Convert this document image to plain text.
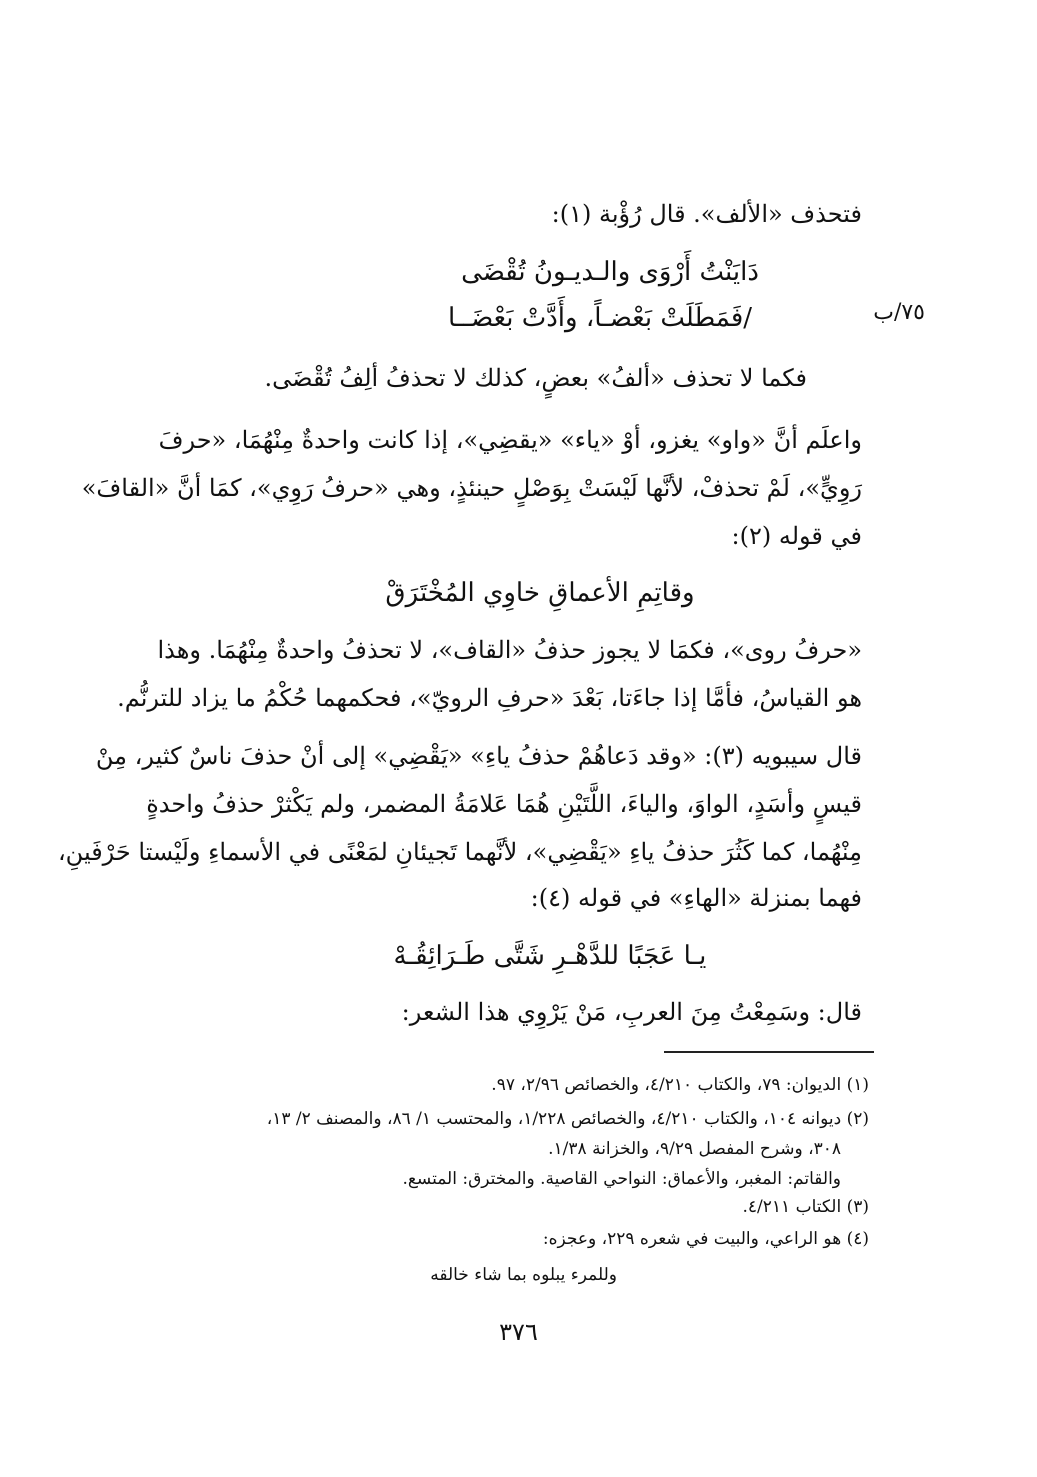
٧٥/ب
فتحذف «الألف». قال رُؤْبة (١):
دَايَنْتُ أَرْوَى والـديـونُ تُقْضَى
/فَمَطَلَتْ بَعْضـاً، وأَدَّتْ بَعْضَــا
فكما لا تحذف «ألفُ» بعضٍ، كذلك لا تحذفُ ألِفُ تُقْضَى.
واعلَم أنَّ «واو» يغزو، أوْ «ياء» «يقضِي»، إذا كانت واحدةٌ مِنْهُمَا، «حرفَ
رَوِيٍّ»، لَمْ تحذفْ، لأنَّها لَيْسَتْ بِوَصْلٍ حينئذٍ، وهي «حرفُ رَوِي»، كمَا أنَّ «القافَ»
في قوله (٢):
وقاتِمِ الأعماقِ خاوِي المُخْتَرَقْ
«حرفُ روى»، فكمَا لا يجوز حذفُ «القاف»، لا تحذفُ واحدةٌ مِنْهُمَا. وهذا
هو القياسُ، فأمَّا إذا جاءَتا، بَعْدَ «حرفِ الرويّ»، فحكمهما حُكْمُ ما يزاد للترنُّم.
قال سيبويه (٣): «وقد دَعاهُمْ حذفُ ياءِ» «يَقْضِي» إلى أنْ حذفَ ناسٌ كثير، مِنْ
قيسٍ وأسَدٍ، الواوَ، والياءَ، اللَّتَيْنِ هُمَا عَلامَةُ المضمر، ولم يَكْثرْ حذفُ واحدةٍ
مِنْهُما، كما كَثُرَ حذفُ ياءِ «يَقْضِي»، لأنَّهما تَجيئانِ لمَعْنًى في الأسماءِ ولَيْستا حَرْفَينِ،
فهما بمنزلة «الهاءِ» في قوله (٤):
يـا عَجَبًا للدَّهْـرِ شَتَّى طَـرَائِقُـهْ
قال: وسَمِعْتُ مِنَ العربِ، مَنْ يَرْوِي هذا الشعر:
(١) الديوان: ٧٩، والكتاب ٤/٢١٠، والخصائص ٢/٩٦، ٩٧.
(٢) ديوانه ١٠٤، والكتاب ٤/٢١٠، والخصائص ١/٢٢٨، والمحتسب ١/ ٨٦، والمصنف ٢/ ١٣،
٣٠٨، وشرح المفصل ٩/٢٩، والخزانة ١/٣٨.
والقاتم: المغبر، والأعماق: النواحي القاصية. والمخترق: المتسع.
(٣) الكتاب ٤/٢١١.
(٤) هو الراعي، والبيت في شعره ٢٢٩، وعجزه:
وللمرء يبلوه بما شاء خالقه
٣٧٦
